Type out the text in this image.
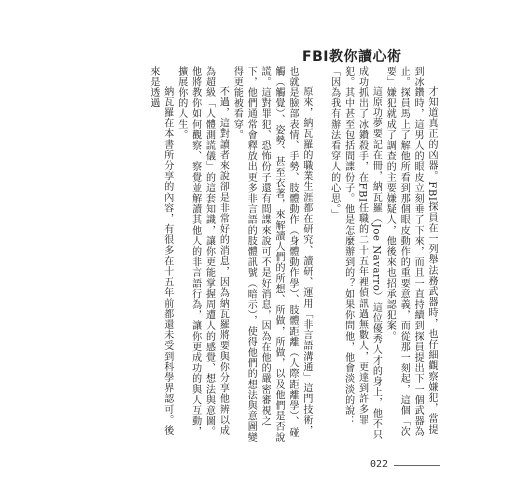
FBI教你讀心術

才知道真正的凶器。FBI探員在一列舉法務武器時，也仔細觀察嫌犯，當提到冰鑽時，這男人的眼皮立刻垂了下來，而且一直持續到探員提出下一個武器為止。探員馬上了解他所看到那個眼皮動作的重要意義，而從那一刻起，這個「次要」嫌犯就成了調查的主要嫌疑人，他後來也招承認犯案。

這原功夢要記在冊，納瓦羅（Joe Navarro）這位優秀人才的身上，他不只成功抓出了冰鑽殺手，在FBI任職的二十五年裡偵訊過無數人，更達到許多罪犯。其中甚至包括間諜份子。他是怎麼辦到的？如果你問他，他會淡淡的說：「因為我有辦法看穿人的心思。」

原來，納瓦羅的職業生涯都在研究、讀研、運用「非言語溝通」這門技術，也就是臉部表情、手勢、肢體動作（身體動作學）、肢體距離（人際距離學）、碰觸（觸覺）、姿勢、甚至衣著，來解讀人們的所想、所做，所做，以及他們是否說謊。這對罪犯、恐怖份子還有間諜來說可不是好消息，因為在他的嚴密審視之下，他們通常會釋放出更多非言語的肢體訊號（暗示），使得他們的想法與意圖變得更能被看穿。

不過，這對讀者來說卻是非常好的消息，因為納瓦羅將要與你分享他辨以成為超級「人體測謊儀」的這套知識，讓你更能掌握周遭人的感覺、想法與意圖。他將教你如何觀察、察覺並解讀其他人的非言語行為，讓你更成功的與人互動，擴展你的人生。

納瓦羅在本書所分享的內容，有很多在十五年前都還未受到科學界認可。後來是透過

022
